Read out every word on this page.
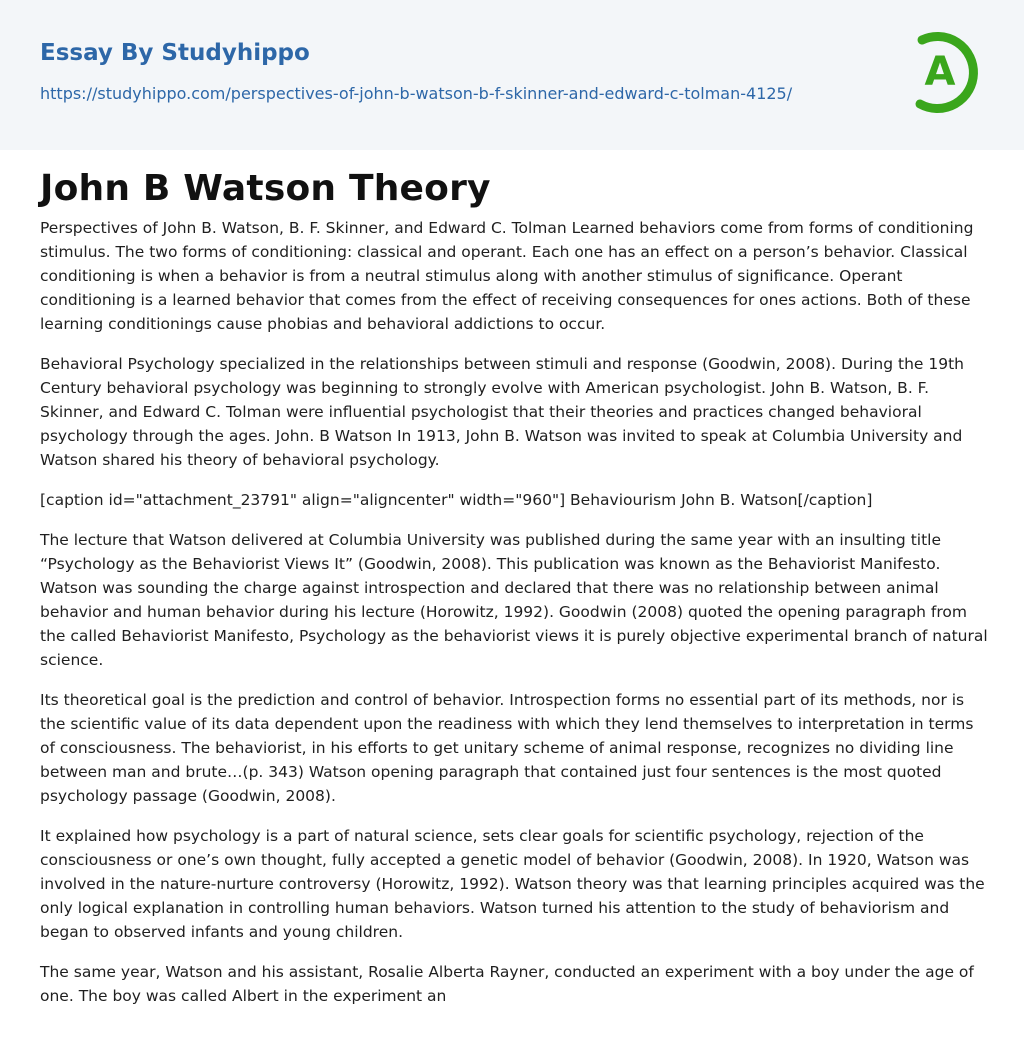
Essay By Studyhippo
https://studyhippo.com/perspectives-of-john-b-watson-b-f-skinner-and-edward-c-tolman-4125/	A
John B Watson Theory

Perspectives of John B. Watson, B. F. Skinner, and Edward C. Tolman Learned behaviors come from forms of conditioning stimulus. The two forms of conditioning: classical and operant. Each one has an effect on a person’s behavior. Classical conditioning is when a behavior is from a neutral stimulus along with another stimulus of significance. Operant conditioning is a learned behavior that comes from the effect of receiving consequences for ones actions. Both of these learning conditionings cause phobias and behavioral addictions to occur.

Behavioral Psychology specialized in the relationships between stimuli and response (Goodwin, 2008). During the 19th Century behavioral psychology was beginning to strongly evolve with American psychologist. John B. Watson, B. F. Skinner, and Edward C. Tolman were influential psychologist that their theories and practices changed behavioral psychology through the ages. John. B Watson In 1913, John B. Watson was invited to speak at Columbia University and Watson shared his theory of behavioral psychology.

[caption id="attachment_23791" align="aligncenter" width="960"] Behaviourism John B. Watson[/caption]

The lecture that Watson delivered at Columbia University was published during the same year with an insulting title “Psychology as the Behaviorist Views It” (Goodwin, 2008). This publication was known as the Behaviorist Manifesto. Watson was sounding the charge against introspection and declared that there was no relationship between animal behavior and human behavior during his lecture (Horowitz, 1992). Goodwin (2008) quoted the opening paragraph from the called Behaviorist Manifesto, Psychology as the behaviorist views it is purely objective experimental branch of natural science.

Its theoretical goal is the prediction and control of behavior. Introspection forms no essential part of its methods, nor is the scientific value of its data dependent upon the readiness with which they lend themselves to interpretation in terms of consciousness. The behaviorist, in his efforts to get unitary scheme of animal response, recognizes no dividing line between man and brute…(p. 343) Watson opening paragraph that contained just four sentences is the most quoted psychology passage (Goodwin, 2008).

It explained how psychology is a part of natural science, sets clear goals for scientific psychology, rejection of the consciousness or one’s own thought, fully accepted a genetic model of behavior (Goodwin, 2008). In 1920, Watson was involved in the nature-nurture controversy (Horowitz, 1992). Watson theory was that learning principles acquired was the only logical explanation in controlling human behaviors. Watson turned his attention to the study of behaviorism and began to observed infants and young children.

The same year, Watson and his assistant, Rosalie Alberta Rayner, conducted an experiment with a boy under the age of one. The boy was called Albert in the experiment an
